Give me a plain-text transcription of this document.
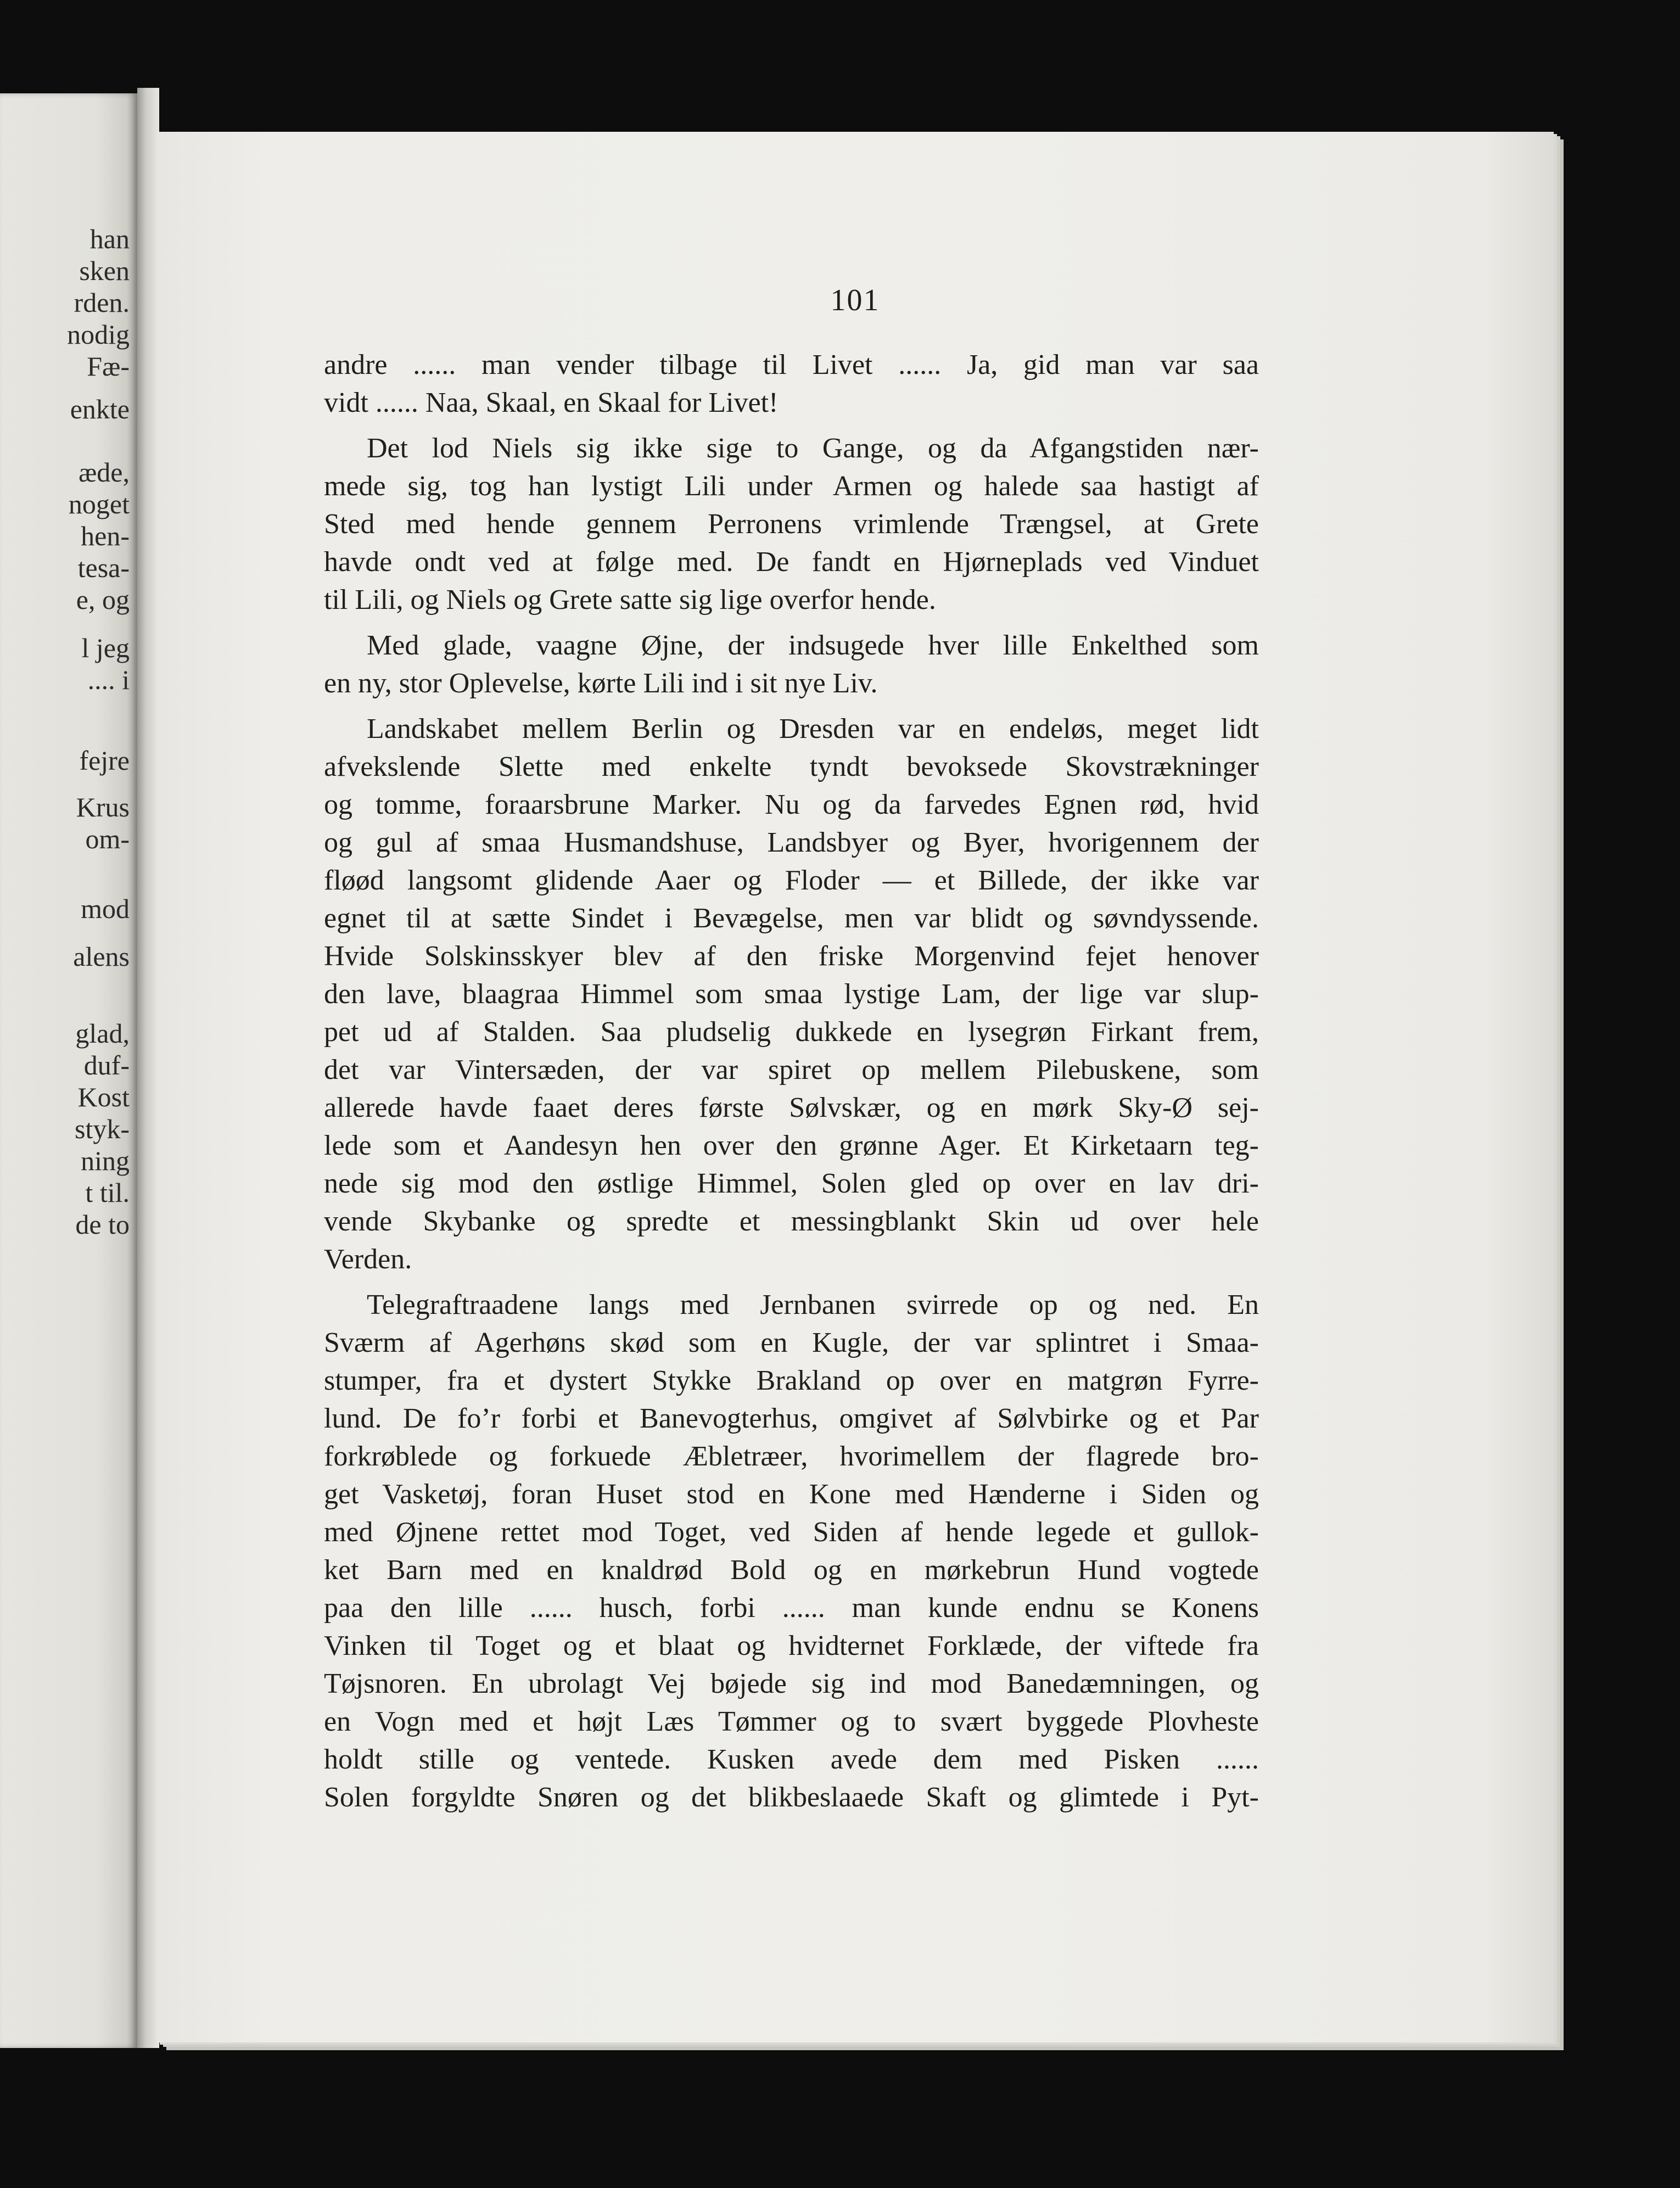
han
sken
rden.
nodig
Fæ-
enkte
æde,
noget
hen-
tesa-
e, og
l jeg
.... i
fejre
Krus
om-
mod
alens
glad,
duf-
Kost
styk-
ning
t til.
de to
101
andre ...... man vender tilbage til Livet ...... Ja, gid man var saa
vidt ...... Naa, Skaal, en Skaal for Livet!
Det lod Niels sig ikke sige to Gange, og da Afgangstiden nær-
mede sig, tog han lystigt Lili under Armen og halede saa hastigt af
Sted med hende gennem Perronens vrimlende Trængsel, at Grete
havde ondt ved at følge med. De fandt en Hjørneplads ved Vinduet
til Lili, og Niels og Grete satte sig lige overfor hende.
Med glade, vaagne Øjne, der indsugede hver lille Enkelthed som
en ny, stor Oplevelse, kørte Lili ind i sit nye Liv.
Landskabet mellem Berlin og Dresden var en endeløs, meget lidt
afvekslende Slette med enkelte tyndt bevoksede Skovstrækninger
og tomme, foraarsbrune Marker. Nu og da farvedes Egnen rød, hvid
og gul af smaa Husmandshuse, Landsbyer og Byer, hvorigennem der
fløød langsomt glidende Aaer og Floder — et Billede, der ikke var
egnet til at sætte Sindet i Bevægelse, men var blidt og søvndyssende.
Hvide Solskinsskyer blev af den friske Morgenvind fejet henover
den lave, blaagraa Himmel som smaa lystige Lam, der lige var slup-
pet ud af Stalden. Saa pludselig dukkede en lysegrøn Firkant frem,
det var Vintersæden, der var spiret op mellem Pilebuskene, som
allerede havde faaet deres første Sølvskær, og en mørk Sky-Ø sej-
lede som et Aandesyn hen over den grønne Ager. Et Kirketaarn teg-
nede sig mod den østlige Himmel, Solen gled op over en lav dri-
vende Skybanke og spredte et messingblankt Skin ud over hele
Verden.
Telegraftraadene langs med Jernbanen svirrede op og ned. En
Sværm af Agerhøns skød som en Kugle, der var splintret i Smaa-
stumper, fra et dystert Stykke Brakland op over en matgrøn Fyrre-
lund. De fo’r forbi et Banevogterhus, omgivet af Sølvbirke og et Par
forkrøblede og forkuede Æbletræer, hvorimellem der flagrede bro-
get Vasketøj, foran Huset stod en Kone med Hænderne i Siden og
med Øjnene rettet mod Toget, ved Siden af hende legede et gullok-
ket Barn med en knaldrød Bold og en mørkebrun Hund vogtede
paa den lille ...... husch, forbi ...... man kunde endnu se Konens
Vinken til Toget og et blaat og hvidternet Forklæde, der viftede fra
Tøjsnoren. En ubrolagt Vej bøjede sig ind mod Banedæmningen, og
en Vogn med et højt Læs Tømmer og to svært byggede Plovheste
holdt stille og ventede. Kusken avede dem med Pisken ......
Solen forgyldte Snøren og det blikbeslaaede Skaft og glimtede i Pyt-
